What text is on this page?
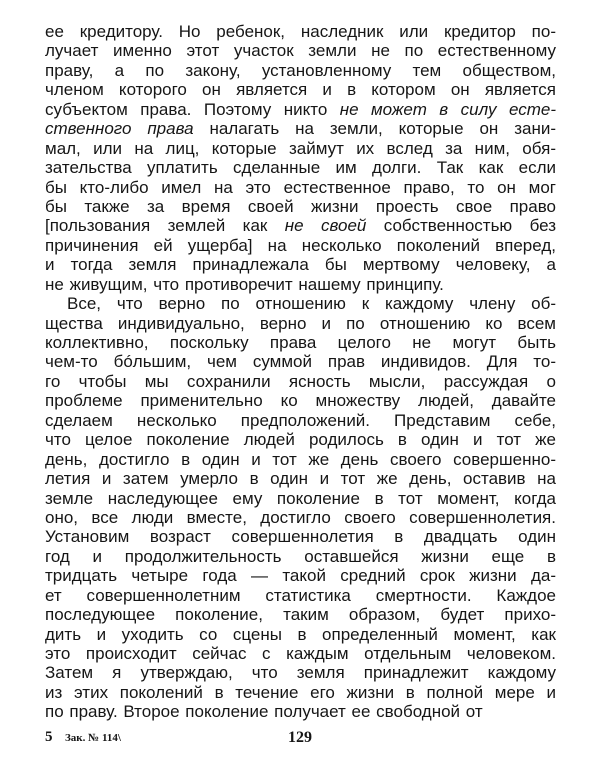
ее кредитору. Но ребенок, наследник или кредитор по-
лучает именно этот участок земли не по естественному
праву, а по закону, установленному тем обществом,
членом которого он является и в котором он является
субъектом права. Поэтому никто не может в силу есте-
ственного права налагать на земли, которые он зани-
мал, или на лиц, которые займут их вслед за ним, обя-
зательства уплатить сделанные им долги. Так как если
бы кто-либо имел на это естественное право, то он мог
бы также за время своей жизни проесть свое право
[пользования землей как не своей собственностью без
причинения ей ущерба] на несколько поколений вперед,
и тогда земля принадлежала бы мертвому человеку, а
не живущим, что противоречит нашему принципу.
Все, что верно по отношению к каждому члену об-
щества индивидуально, верно и по отношению ко всем
коллективно, поскольку права целого не могут быть
чем-то бóльшим, чем суммой прав индивидов. Для то-
го чтобы мы сохранили ясность мысли, рассуждая о
проблеме применительно ко множеству людей, давайте
сделаем несколько предположений. Представим себе,
что целое поколение людей родилось в один и тот же
день, достигло в один и тот же день своего совершенно-
летия и затем умерло в один и тот же день, оставив на
земле наследующее ему поколение в тот момент, когда
оно, все люди вместе, достигло своего совершеннолетия.
Установим возраст совершеннолетия в двадцать один
год и продолжительность оставшейся жизни еще в
тридцать четыре года — такой средний срок жизни да-
ет совершеннолетним статистика смертности. Каждое
последующее поколение, таким образом, будет прихо-
дить и уходить со сцены в определенный момент, как
это происходит сейчас с каждым отдельным человеком.
Затем я утверждаю, что земля принадлежит каждому
из этих поколений в течение его жизни в полной мере и
по праву. Второе поколение получает ее свободной от
5 Зак. № 114\	129
